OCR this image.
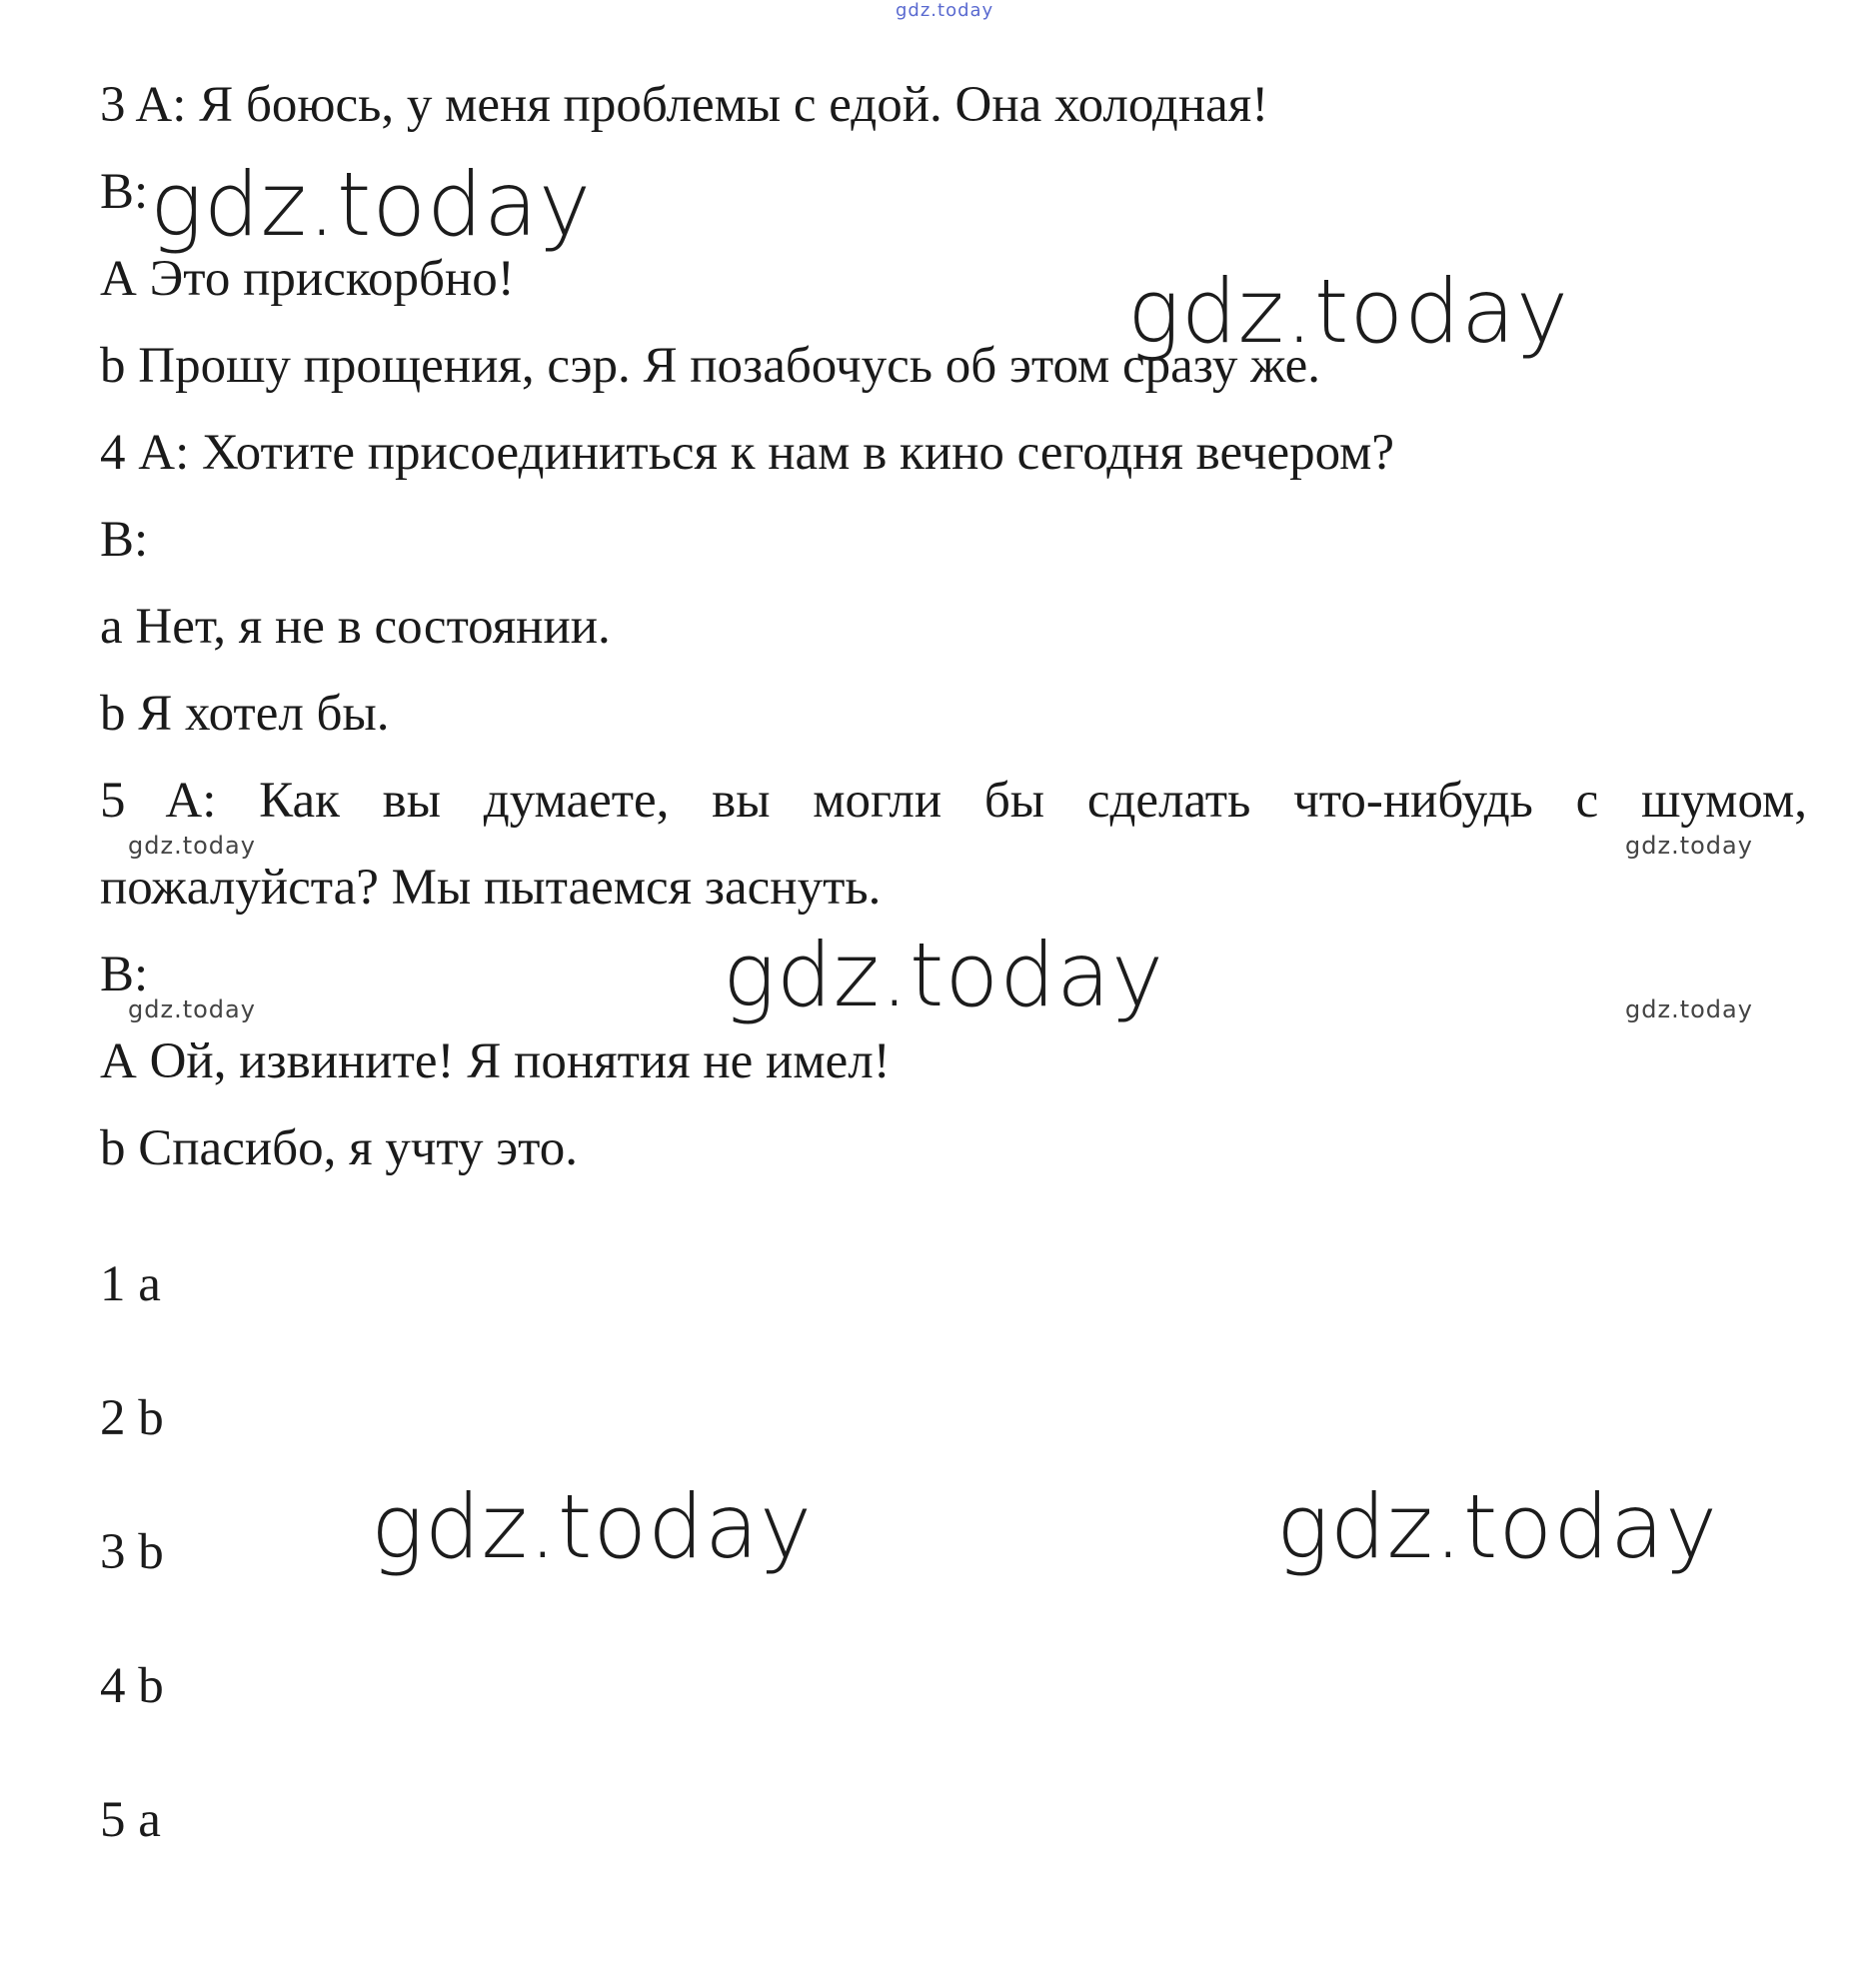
gdz.today
3 A: Я боюсь, у меня проблемы с едой. Она холодная!
B:
А Это прискорбно!
b Прошу прощения, сэр. Я позабочусь об этом сразу же.
4 А: Хотите присоединиться к нам в кино сегодня вечером?
B:
a Нет, я не в состоянии.
b Я хотел бы.
5 A: Как вы думаете, вы могли бы сделать что-нибудь с шумом,
пожалуйста? Мы пытаемся заснуть.
B:
А Ой, извините! Я понятия не имел!
b Спасибо, я учту это.
1 a
2 b
3 b
4 b
5 a
gdz.today
gdz.today
gdz.today
gdz.today	gdz.today
gdz.today	gdz.today
gdz.today	gdz.today
